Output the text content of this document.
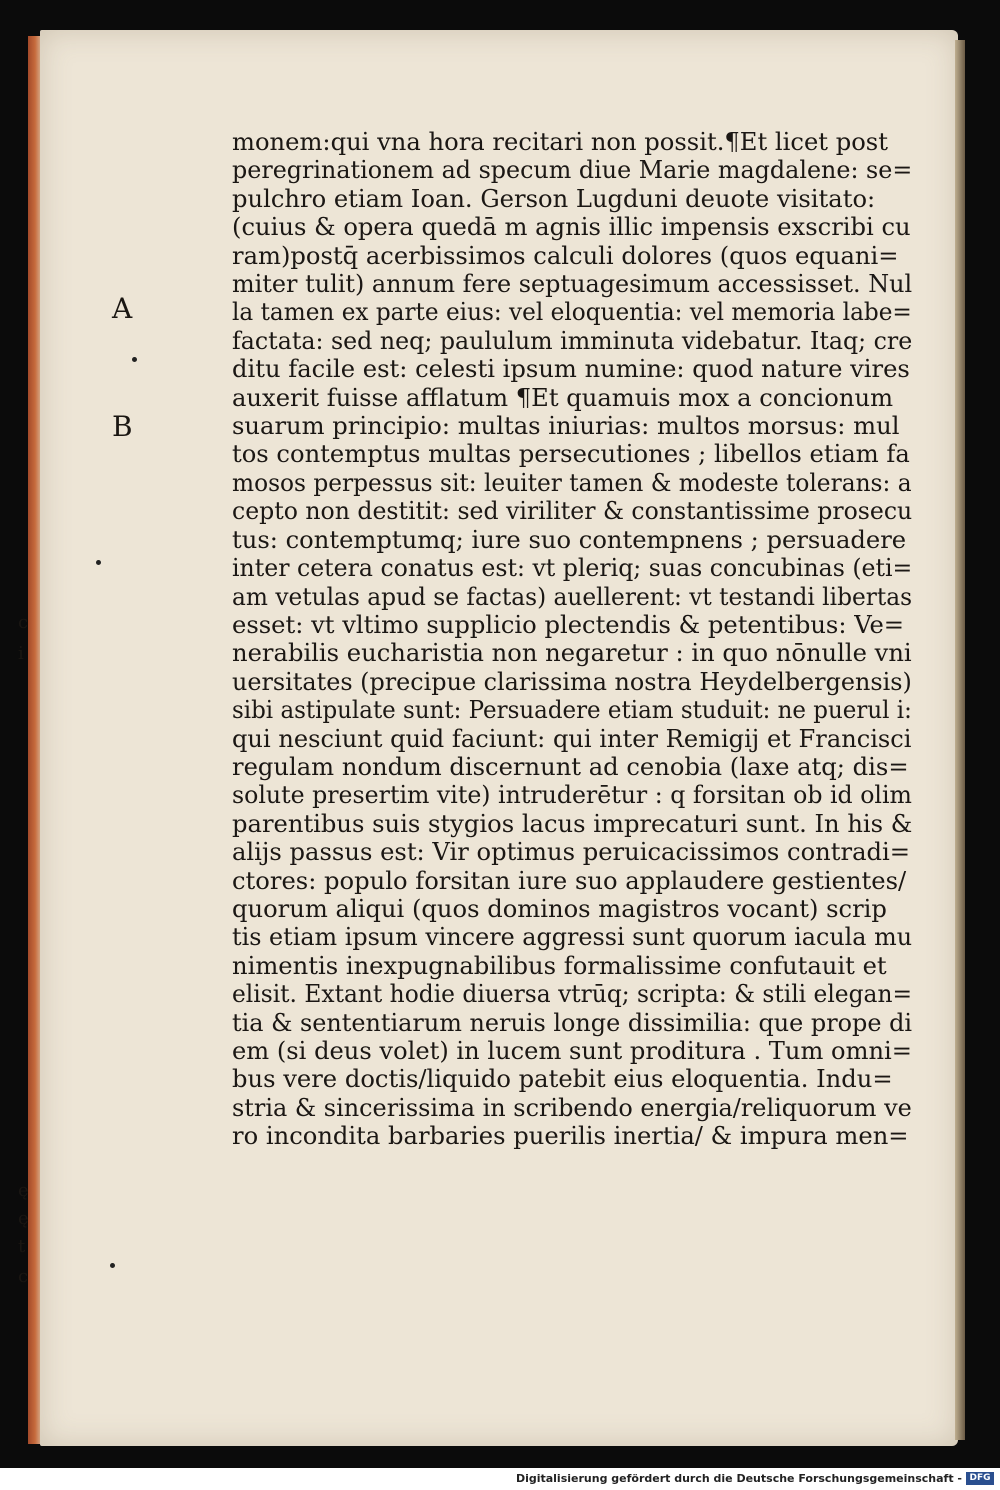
A
B
c
i
ę
ę
t
c
monem:qui vna hora recitari non possit.¶Et licet post
peregrinationem ad specum diue Marie magdalene: se=
pulchro etiam Ioan. Gerson Lugduni deuote visitato:
(cuius & opera quedā m agnis illic impensis exscribi cu
ram)postq̄ acerbissimos calculi dolores (quos equani=
miter tulit) annum fere septuagesimum accessisset. Nul
la tamen ex parte eius: vel eloquentia: vel memoria labe=
factata: sed neq; paululum imminuta videbatur. Itaq; cre
ditu facile est: celesti ipsum numine: quod nature vires
auxerit fuisse afflatum ¶Et quamuis mox a concionum
suarum principio: multas iniurias: multos morsus: mul
tos contemptus multas persecutiones ; libellos etiam fa
mosos perpessus sit: leuiter tamen & modeste tolerans: a
cepto non destitit: sed viriliter & constantissime prosecu
tus: contemptumq; iure suo contempnens ; persuadere
inter cetera conatus est: vt pleriq; suas concubinas (eti=
am vetulas apud se factas) auellerent: vt testandi libertas
esset: vt vltimo supplicio plectendis & petentibus: Ve=
nerabilis eucharistia non negaretur : in quo nōnulle vni
uersitates (precipue clarissima nostra Heydelbergensis)
sibi astipulate sunt: Persuadere etiam studuit: ne puerul i:
qui nesciunt quid faciunt: qui inter Remigij et Francisci
regulam nondum discernunt ad cenobia (laxe atq; dis=
solute presertim vite) intruderētur : q forsitan ob id olim
parentibus suis stygios lacus imprecaturi sunt. In his &
alijs passus est: Vir optimus peruicacissimos contradi=
ctores: populo forsitan iure suo applaudere gestientes/
quorum aliqui (quos dominos magistros vocant) scrip
tis etiam ipsum vincere aggressi sunt quorum iacula mu
nimentis inexpugnabilibus formalissime confutauit et
elisit. Extant hodie diuersa vtrūq; scripta: & stili elegan=
tia & sententiarum neruis longe dissimilia: que prope di
em (si deus volet) in lucem sunt proditura . Tum omni=
bus vere doctis/liquido patebit eius eloquentia. Indu=
stria & sincerissima in scribendo energia/reliquorum ve
ro incondita barbaries puerilis inertia/ & impura men=
Digitalisierung gefördert durch die Deutsche Forschungsgemeinschaft - DFG
